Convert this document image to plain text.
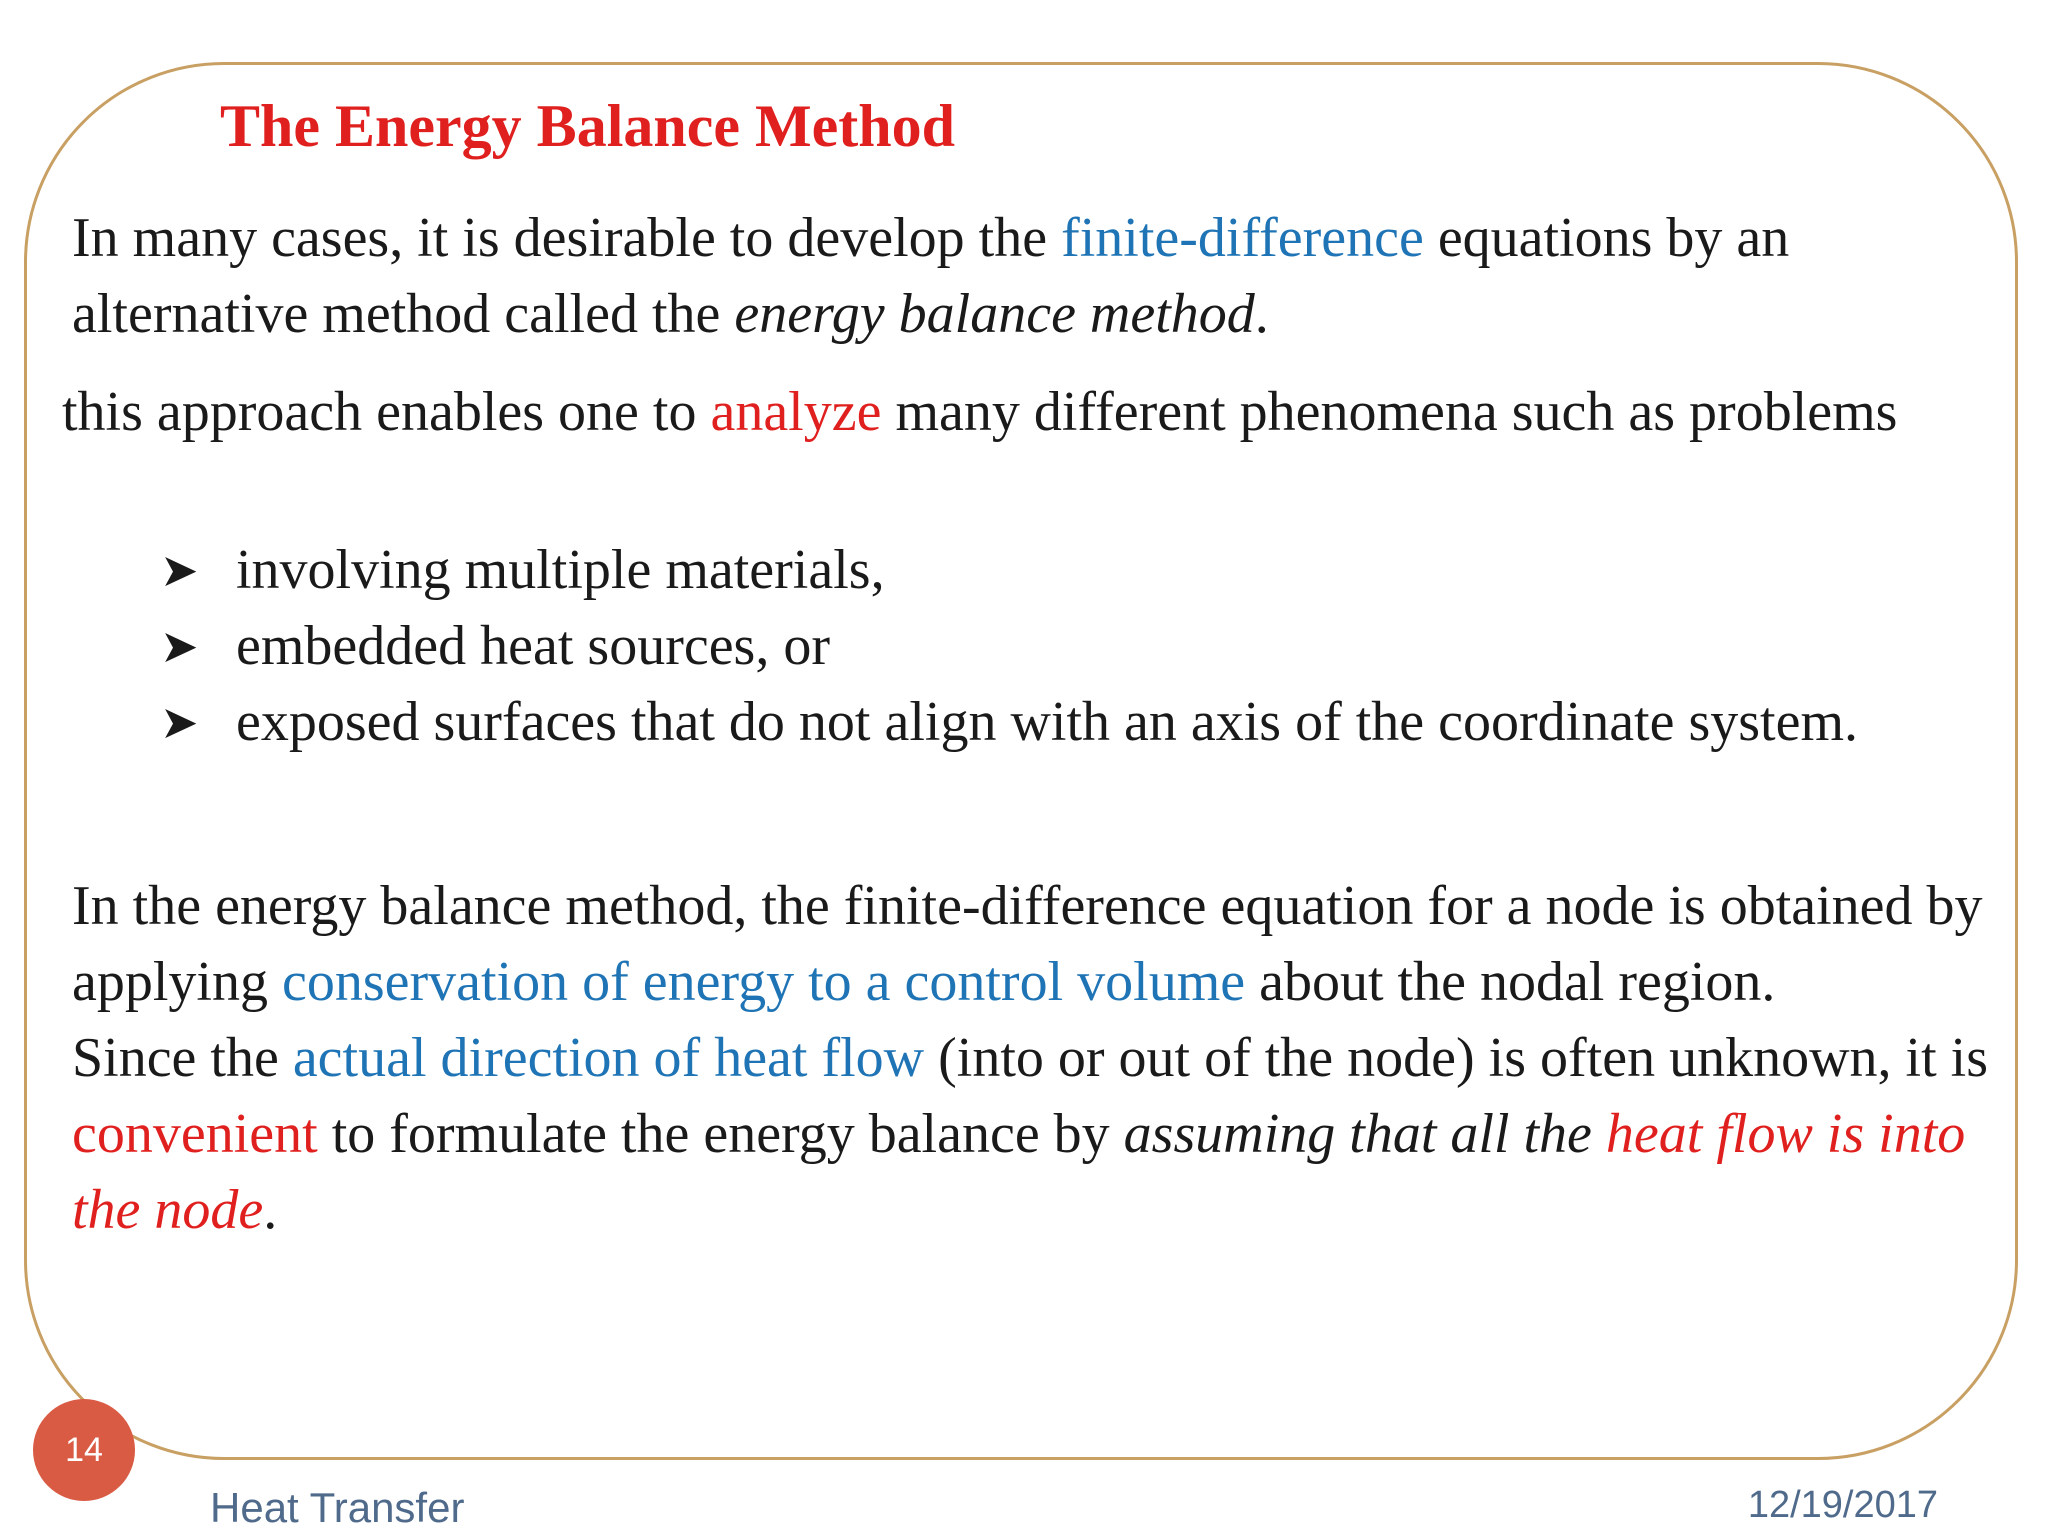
The Energy Balance Method

In many cases, it is desirable to develop the finite-difference equations by an alternative method called the energy balance method.

this approach enables one to analyze many different phenomena such as problems

➤ involving multiple materials,
➤ embedded heat sources, or
➤ exposed surfaces that do not align with an axis of the coordinate system.

In the energy balance method, the finite-difference equation for a node is obtained by applying conservation of energy to a control volume about the nodal region.
Since the actual direction of heat flow (into or out of the node) is often unknown, it is convenient to formulate the energy balance by assuming that all the heat flow is into the node.

14
Heat Transfer	12/19/2017
